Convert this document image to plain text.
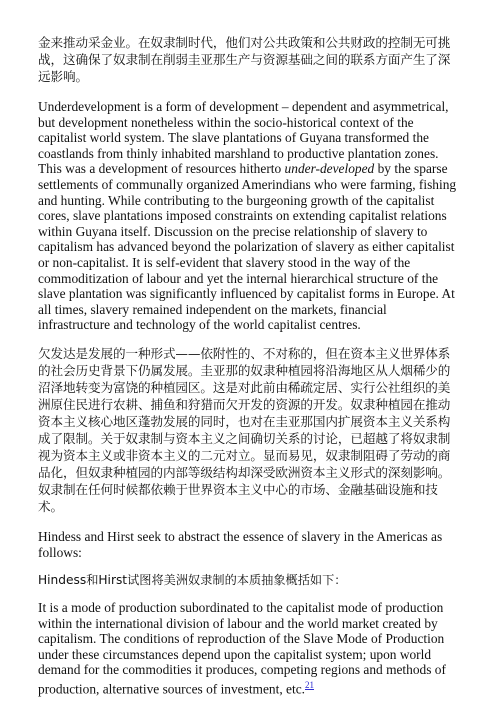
金来推动采金业。在奴隶制时代，他们对公共政策和公共财政的控制无可挑战，这确保了奴隶制在削弱圭亚那生产与资源基础之间的联系方面产生了深远影响。

Underdevelopment is a form of development – dependent and asymmetrical, but development nonetheless within the socio-historical context of the capitalist world system. The slave plantations of Guyana transformed the coastlands from thinly inhabited marshland to productive plantation zones. This was a development of resources hitherto under-developed by the sparse settlements of communally organized Amerindians who were farming, fishing and hunting. While contributing to the burgeoning growth of the capitalist cores, slave plantations imposed constraints on extending capitalist relations within Guyana itself. Discussion on the precise relationship of slavery to capitalism has advanced beyond the polarization of slavery as either capitalist or non-capitalist. It is self-evident that slavery stood in the way of the commoditization of labour and yet the internal hierarchical structure of the slave plantation was significantly influenced by capitalist forms in Europe. At all times, slavery remained independent on the markets, financial infrastructure and technology of the world capitalist centres.

欠发达是发展的一种形式——依附性的、不对称的，但在资本主义世界体系的社会历史背景下仍属发展。圭亚那的奴隶种植园将沿海地区从人烟稀少的沼泽地转变为富饶的种植园区。这是对此前由稀疏定居、实行公社组织的美洲原住民进行农耕、捕鱼和狩猎而欠开发的资源的开发。奴隶种植园在推动资本主义核心地区蓬勃发展的同时，也对在圭亚那国内扩展资本主义关系构成了限制。关于奴隶制与资本主义之间确切关系的讨论，已超越了将奴隶制视为资本主义或非资本主义的二元对立。显而易见，奴隶制阻碍了劳动的商品化，但奴隶种植园的内部等级结构却深受欧洲资本主义形式的深刻影响。奴隶制在任何时候都依赖于世界资本主义中心的市场、金融基础设施和技术。

Hindess and Hirst seek to abstract the essence of slavery in the Americas as follows:

Hindess和Hirst试图将美洲奴隶制的本质抽象概括如下：

It is a mode of production subordinated to the capitalist mode of production within the international division of labour and the world market created by capitalism. The conditions of reproduction of the Slave Mode of Production under these circumstances depend upon the capitalist system; upon world demand for the commodities it produces, competing regions and methods of production, alternative sources of investment, etc.$^{21}$
